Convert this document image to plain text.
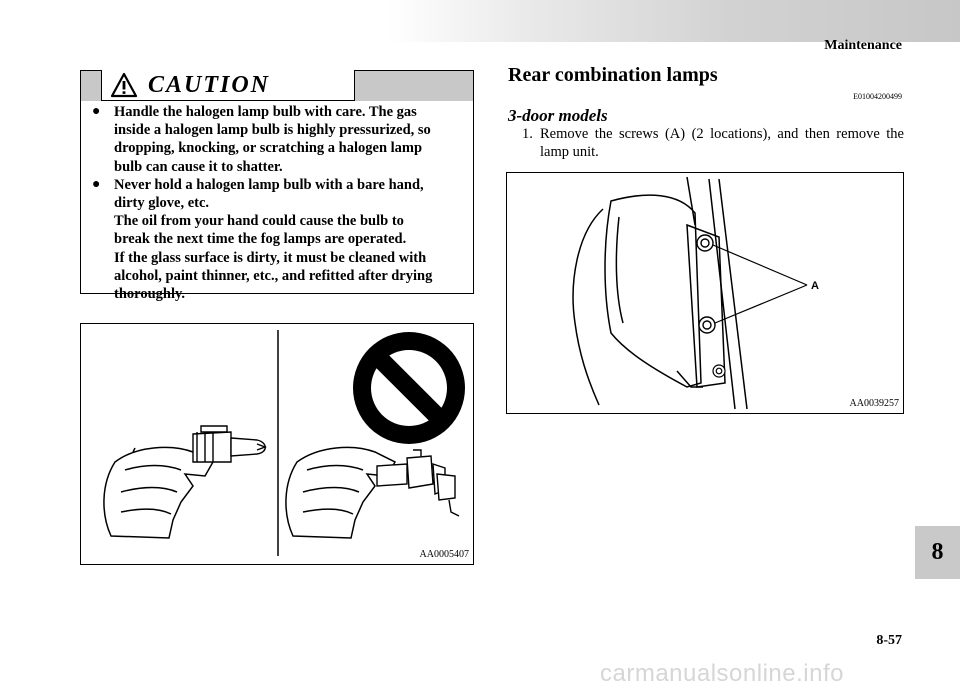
Maintenance
8
8-57
CAUTION
● Handle the halogen lamp bulb with care. The gas
inside a halogen lamp bulb is highly pressurized, so
dropping, knocking, or scratching a halogen lamp
bulb can cause it to shatter.
● Never hold a halogen lamp bulb with a bare hand,
dirty glove, etc.
The oil from your hand could cause the bulb to
break the next time the fog lamps are operated.
If the glass surface is dirty, it must be cleaned with
alcohol, paint thinner, etc., and refitted after drying
thoroughly.
AA0005407
Rear combination lamps
E01004200499
3-door models
1. Remove the screws (A) (2 locations), and then remove the lamp unit.
A
AA0039257
carmanualsonline.info
